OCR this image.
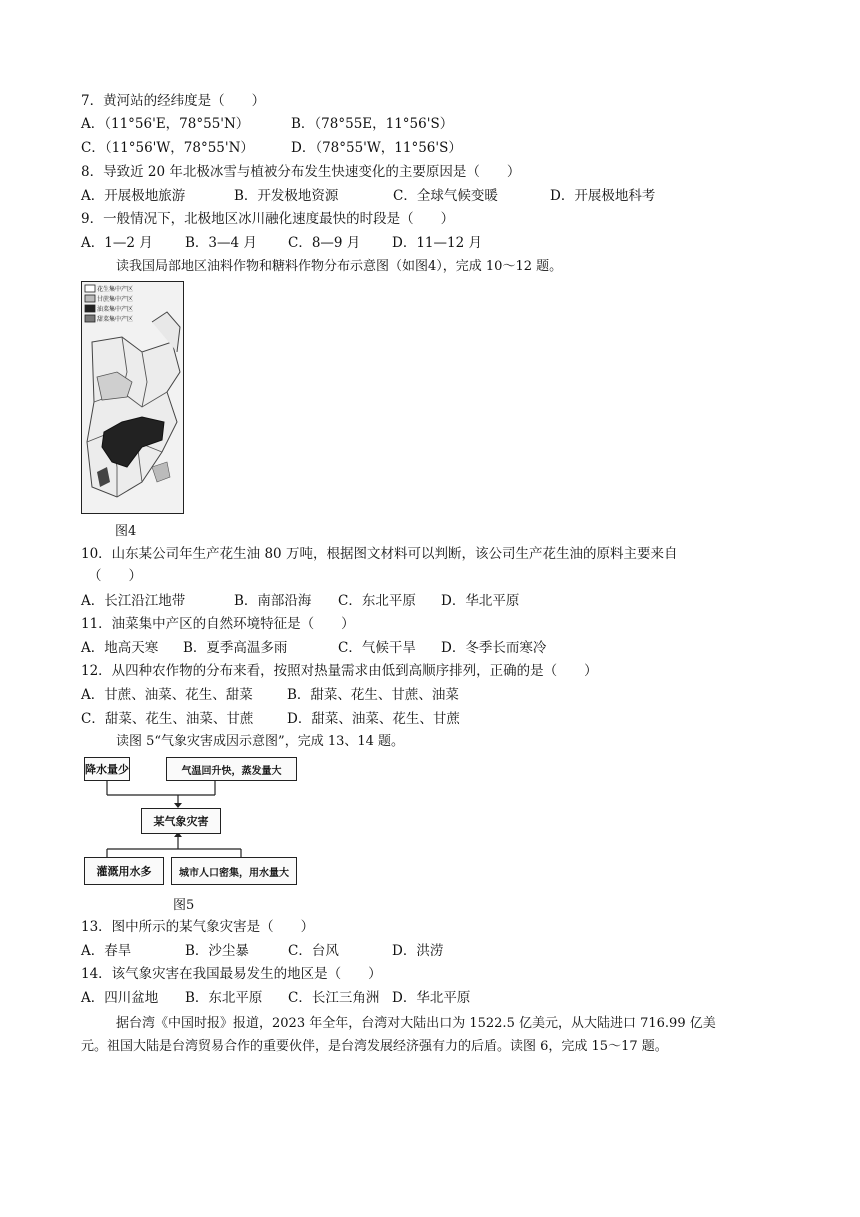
7．黄河站的经纬度是（　　）
A．（11°56'E，78°55'N）	B．（78°55E，11°56'S）
C．（11°56'W，78°55'N）	D．（78°55'W，11°56'S）
8．导致近 20 年北极冰雪与植被分布发生快速变化的主要原因是（　　）
A．开展极地旅游	B．开发极地资源	C．全球气候变暖	D．开展极地科考
9．一般情况下，北极地区冰川融化速度最快的时段是（　　）
A．1—2 月 B．3—4 月 C．8—9 月 D．11—12 月
读我国局部地区油料作物和糖料作物分布示意图（如图4），完成 10～12 题。
花生集中产区
甘蔗集中产区
油菜集中产区
甜菜集中产区
图4
10．山东某公司年生产花生油 80 万吨，根据图文材料可以判断，该公司生产花生油的原料主要来自
（　　）
A．长江沿江地带	B．南部沿海 C．东北平原 D．华北平原
11．油菜集中产区的自然环境特征是（　　）
A．地高天寒 B．夏季高温多雨	C．气候干旱 D．冬季长而寒冷
12．从四种农作物的分布来看，按照对热量需求由低到高顺序排列，正确的是（　　）
A．甘蔗、油菜、花生、甜菜	B．甜菜、花生、甘蔗、油菜
C．甜菜、花生、油菜、甘蔗 D．甜菜、油菜、花生、甘蔗
读图 5“气象灾害成因示意图”，完成 13、14 题。
降水量少	气温回升快，蒸发量大
某气象灾害
灌溉用水多	城市人口密集，用水量大
图5
13．图中所示的某气象灾害是（　　）
A．春旱	B．沙尘暴	C．台风	D．洪涝
14．该气象灾害在我国最易发生的地区是（　　）
A．四川盆地 B．东北平原 C．长江三角洲 D．华北平原
据台湾《中国时报》报道，2023 年全年，台湾对大陆出口为 1522.5 亿美元，从大陆进口 716.99 亿美
元。祖国大陆是台湾贸易合作的重要伙伴，是台湾发展经济强有力的后盾。读图 6，完成 15～17 题。
